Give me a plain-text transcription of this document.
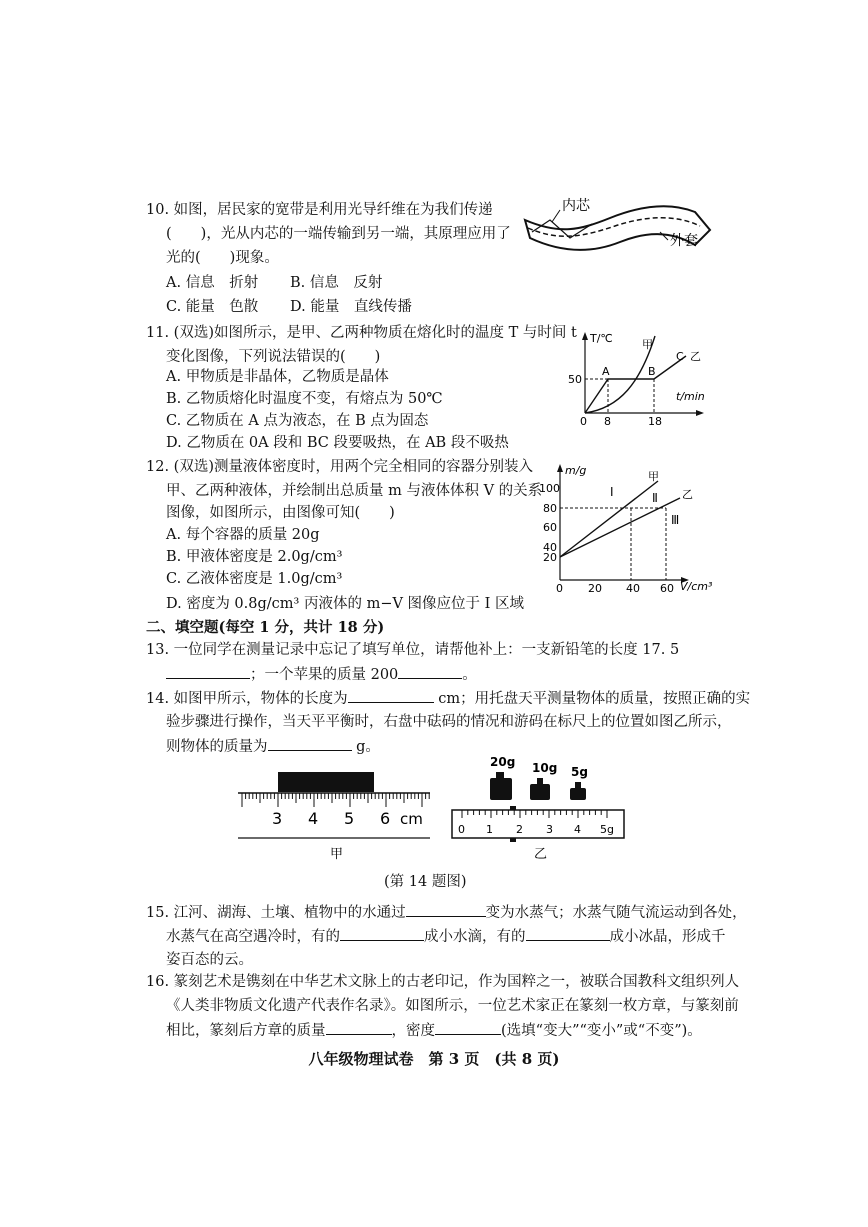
10. 如图，居民家的宽带是利用光导纤维在为我们传递
(　　)，光从内芯的一端传输到另一端，其原理应用了
光的(　　)现象。
A. 信息　折射 B. 信息　反射
C. 能量　色散 D. 能量　直线传播
内芯
外套
11. (双选)如图所示，是甲、乙两种物质在熔化时的温度 T 与时间 t
变化图像，下列说法错误的(　　)
A. 甲物质是非晶体，乙物质是晶体
B. 乙物质熔化时温度不变，有熔点为 50℃
C. 乙物质在 A 点为液态，在 B 点为固态
D. 乙物质在 0A 段和 BC 段要吸热，在 AB 段不吸热
T/℃
t/min
50
0 8	18
A	B
C
甲
乙
12. (双选)测量液体密度时，用两个完全相同的容器分别装入
甲、乙两种液体，并绘制出总质量 m 与液体体积 V 的关系
图像，如图所示，由图像可知(　　)
A. 每个容器的质量 20g
B. 甲液体密度是 2.0g/cm³
C. 乙液体密度是 1.0g/cm³
D. 密度为 0.8g/cm³ 丙液体的 m−V 图像应位于 Ⅰ 区域
m/g
V/cm³
100
80
60
40
20
0 20 40 60
甲
乙
Ⅰ	Ⅱ
Ⅲ
二、填空题(每空 1 分，共计 18 分)
13. 一位同学在测量记录中忘记了填写单位，请帮他补上：一支新铅笔的长度 17. 5
；一个苹果的质量 200	。
14. 如图甲所示，物体的长度为	cm；用托盘天平测量物体的质量，按照正确的实
验步骤进行操作，当天平平衡时，右盘中砝码的情况和游码在标尺上的位置如图乙所示，
则物体的质量为	g。
3 4 5 6 cm
甲
20g 10g 5g
0 1 2 3 4 5g
乙
(第 14 题图)
15. 江河、湖海、土壤、植物中的水通过	变为水蒸气；水蒸气随气流运动到各处，
水蒸气在高空遇冷时，有的	成小水滴，有的	成小冰晶，形成千
姿百态的云。
16. 篆刻艺术是镌刻在中华艺术文脉上的古老印记，作为国粹之一，被联合国教科文组织列人
《人类非物质文化遗产代表作名录》。如图所示，一位艺术家正在篆刻一枚方章，与篆刻前
相比，篆刻后方章的质量	，密度	(选填“变大”“变小”或“不变”)。
八年级物理试卷　第 3 页　(共 8 页)
